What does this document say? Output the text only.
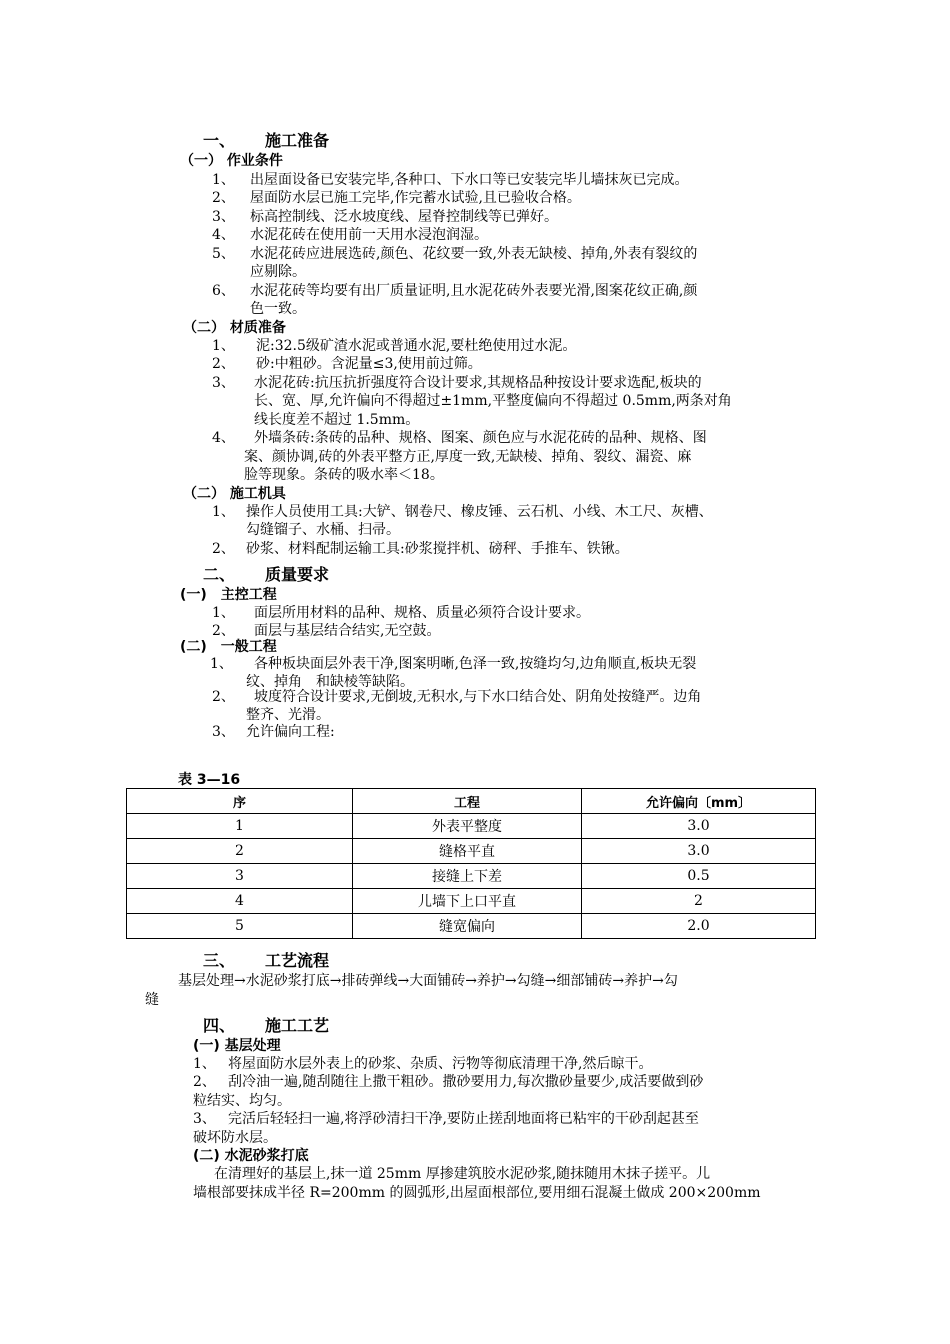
一、 施工准备
（一） 作业条件
1、 出屋面设备已安装完毕,各种口、下水口等已安装完毕儿墙抹灰已完成。
2、 屋面防水层已施工完毕,作完蓄水试验,且已验收合格。
3、 标高控制线、泛水坡度线、屋脊控制线等已弹好。
4、 水泥花砖在使用前一天用水浸泡润湿。
5、 水泥花砖应进展选砖,颜色、花纹要一致,外表无缺棱、掉角,外表有裂纹的
应剔除。
6、 水泥花砖等均要有出厂质量证明,且水泥花砖外表要光滑,图案花纹正确,颜
色一致。
（二） 材质准备
1、 泥:32.5级矿渣水泥或普通水泥,要杜绝使用过水泥。
2、 砂:中粗砂。含泥量≤3,使用前过筛。
3、 水泥花砖:抗压抗折强度符合设计要求,其规格品种按设计要求选配,板块的
长、宽、厚,允许偏向不得超过±1mm,平整度偏向不得超过 0.5mm,两条对角
线长度差不超过 1.5mm。
4、 外墙条砖:条砖的品种、规格、图案、颜色应与水泥花砖的品种、规格、图
案、颜协调,砖的外表平整方正,厚度一致,无缺棱、掉角、裂纹、漏瓷、麻
脸等现象。条砖的吸水率＜18。
（二） 施工机具
1、 操作人员使用工具:大铲、钢卷尺、橡皮锤、云石机、小线、木工尺、灰槽、
勾缝镏子、水桶、扫帚。
2、 砂浆、材料配制运输工具:砂浆搅拌机、磅秤、手推车、铁锹。
二、 质量要求
(一)　 主控工程
1、 面层所用材料的品种、规格、质量必须符合设计要求。
2、 面层与基层结合结实,无空鼓。
(二)　 一般工程
1、 各种板块面层外表干净,图案明晰,色泽一致,按缝均匀,边角顺直,板块无裂
纹、掉角　和缺棱等缺陷。
2、 坡度符合设计要求,无倒坡,无积水,与下水口结合处、阴角处按缝严。边角
整齐、光滑。
3、 允许偏向工程:
表 3—16
序	工程	允许偏向〔mm〕
1	外表平整度	3.0
2	缝格平直	3.0
3	接缝上下差	0.5
4	儿墙下上口平直	2
5	缝宽偏向	2.0
三、 工艺流程
基层处理→水泥砂浆打底→排砖弹线→大面铺砖→养护→勾缝→细部铺砖→养护→勾
缝
四、 施工工艺
(一) 基层处理
1、 将屋面防水层外表上的砂浆、杂质、污物等彻底清理干净,然后晾干。
2、 刮冷油一遍,随刮随往上撒干粗砂。撒砂要用力,每次撒砂量要少,成活要做到砂
粒结实、均匀。
3、 完活后轻轻扫一遍,将浮砂清扫干净,要防止搓刮地面将已粘牢的干砂刮起甚至
破坏防水层。
(二) 水泥砂浆打底
在清理好的基层上,抹一道 25mm 厚掺建筑胶水泥砂浆,随抹随用木抹子搓平。儿
墙根部要抹成半径 R=200mm 的圆弧形,出屋面根部位,要用细石混凝土做成 200×200mm
